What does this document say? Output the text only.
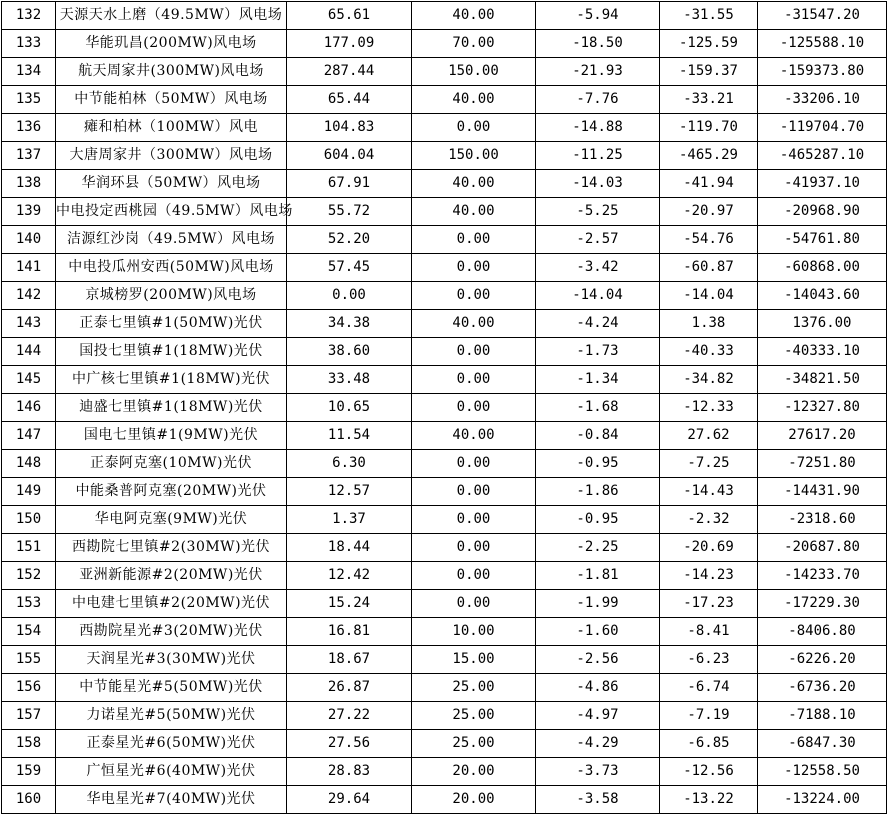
132	天源天水上磨（49.5MW）风电场	65.61	40.00	-5.94	-31.55	-31547.20
133	华能玑昌(200MW)风电场	177.09	70.00	-18.50	-125.59	-125588.10
134	航天周家井(300MW)风电场	287.44	150.00	-21.93	-159.37	-159373.80
135	中节能柏林（50MW）风电场	65.44	40.00	-7.76	-33.21	-33206.10
136	瘫和柏林（100MW）风电	104.83	0.00	-14.88	-119.70	-119704.70
137	大唐周家井（300MW）风电场	604.04	150.00	-11.25	-465.29	-465287.10
138	华润环县（50MW）风电场	67.91	40.00	-14.03	-41.94	-41937.10
139	中电投定西桃园（49.5MW）风电场	55.72	40.00	-5.25	-20.97	-20968.90
140	洁源红沙岗（49.5MW）风电场	52.20	0.00	-2.57	-54.76	-54761.80
141	中电投瓜州安西(50MW)风电场	57.45	0.00	-3.42	-60.87	-60868.00
142	京城榜罗(200MW)风电场	0.00	0.00	-14.04	-14.04	-14043.60
143	正泰七里镇#1(50MW)光伏	34.38	40.00	-4.24	1.38	1376.00
144	国投七里镇#1(18MW)光伏	38.60	0.00	-1.73	-40.33	-40333.10
145	中广核七里镇#1(18MW)光伏	33.48	0.00	-1.34	-34.82	-34821.50
146	迪盛七里镇#1(18MW)光伏	10.65	0.00	-1.68	-12.33	-12327.80
147	国电七里镇#1(9MW)光伏	11.54	40.00	-0.84	27.62	27617.20
148	正泰阿克塞(10MW)光伏	6.30	0.00	-0.95	-7.25	-7251.80
149	中能桑普阿克塞(20MW)光伏	12.57	0.00	-1.86	-14.43	-14431.90
150	华电阿克塞(9MW)光伏	1.37	0.00	-0.95	-2.32	-2318.60
151	西勘院七里镇#2(30MW)光伏	18.44	0.00	-2.25	-20.69	-20687.80
152	亚洲新能源#2(20MW)光伏	12.42	0.00	-1.81	-14.23	-14233.70
153	中电建七里镇#2(20MW)光伏	15.24	0.00	-1.99	-17.23	-17229.30
154	西勘院星光#3(20MW)光伏	16.81	10.00	-1.60	-8.41	-8406.80
155	天润星光#3(30MW)光伏	18.67	15.00	-2.56	-6.23	-6226.20
156	中节能星光#5(50MW)光伏	26.87	25.00	-4.86	-6.74	-6736.20
157	力诺星光#5(50MW)光伏	27.22	25.00	-4.97	-7.19	-7188.10
158	正泰星光#6(50MW)光伏	27.56	25.00	-4.29	-6.85	-6847.30
159	广恒星光#6(40MW)光伏	28.83	20.00	-3.73	-12.56	-12558.50
160	华电星光#7(40MW)光伏	29.64	20.00	-3.58	-13.22	-13224.00
